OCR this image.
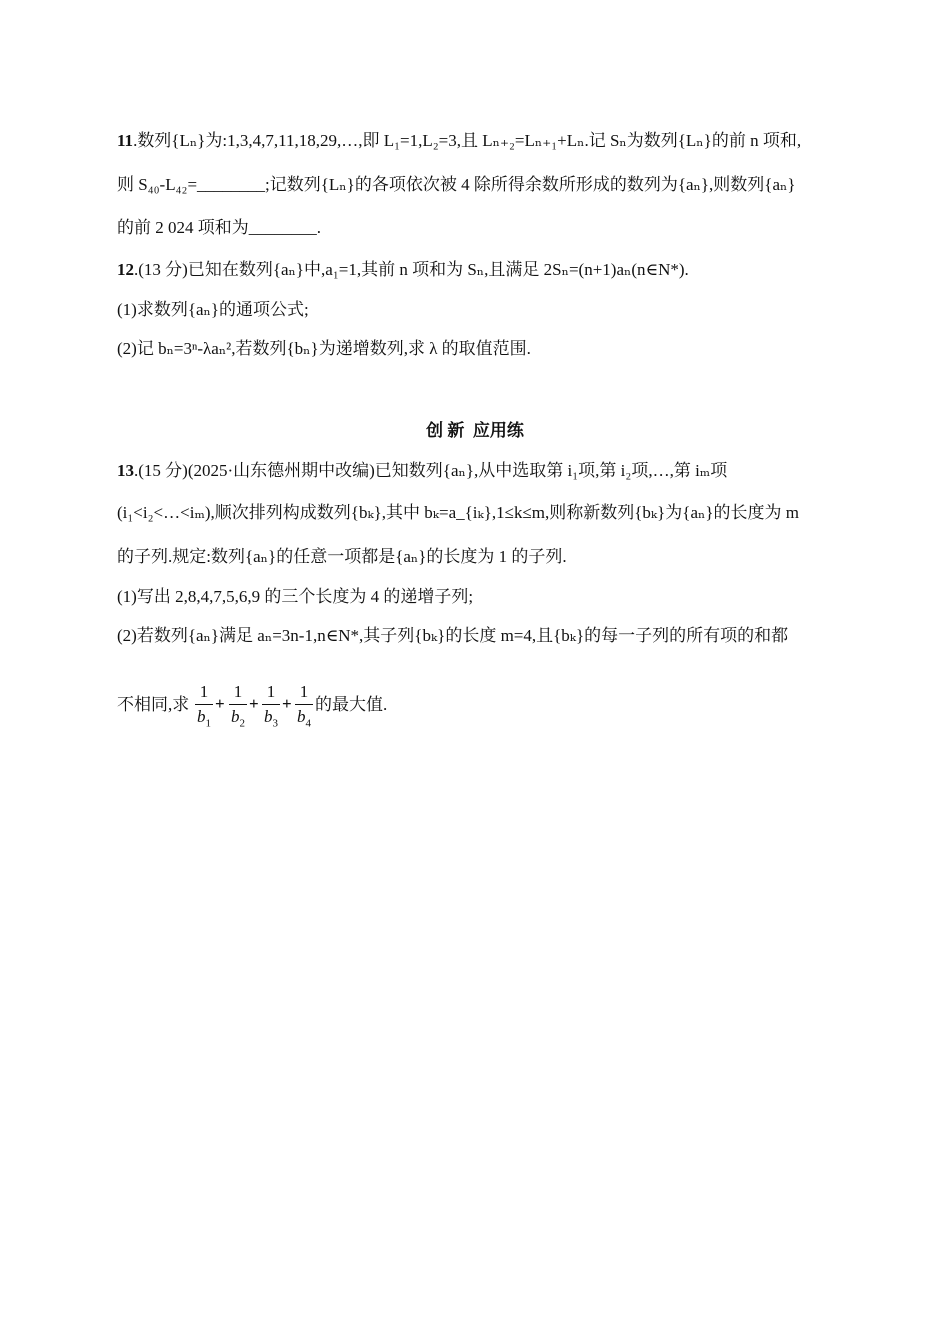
11.数列{Lₙ}为:1,3,4,7,11,18,29,…,即 L₁=1,L₂=3,且 Lₙ₊₂=Lₙ₊₁+Lₙ.记 Sₙ为数列{Lₙ}的前 n 项和,
则 S₄₀-L₄₂=________;记数列{Lₙ}的各项依次被 4 除所得余数所形成的数列为{aₙ},则数列{aₙ}
的前 2 024 项和为________.
12.(13 分)已知在数列{aₙ}中,a₁=1,其前 n 项和为 Sₙ,且满足 2Sₙ=(n+1)aₙ(n∈N*).
(1)求数列{aₙ}的通项公式;
(2)记 bₙ=3ⁿ-λaₙ²,若数列{bₙ}为递增数列,求 λ 的取值范围.
创 新  应用练
13.(15 分)(2025·山东德州期中改编)已知数列{aₙ},从中选取第 i₁项,第 i₂项,…,第 iₘ项
(i₁<i₂<…<iₘ),顺次排列构成数列{bₖ},其中 bₖ=a_{iₖ},1≤k≤m,则称新数列{bₖ}为{aₙ}的长度为 m
的子列.规定:数列{aₙ}的任意一项都是{aₙ}的长度为 1 的子列.
(1)写出 2,8,4,7,5,6,9 的三个长度为 4 的递增子列;
(2)若数列{aₙ}满足 aₙ=3n-1,n∈N*,其子列{bₖ}的长度 m=4,且{bₖ}的每一子列的所有项的和都
不相同,求
1
$b_1$
+
1
$b_2$
+
1
$b_3$
+
1
$b_4$
的最大值.
